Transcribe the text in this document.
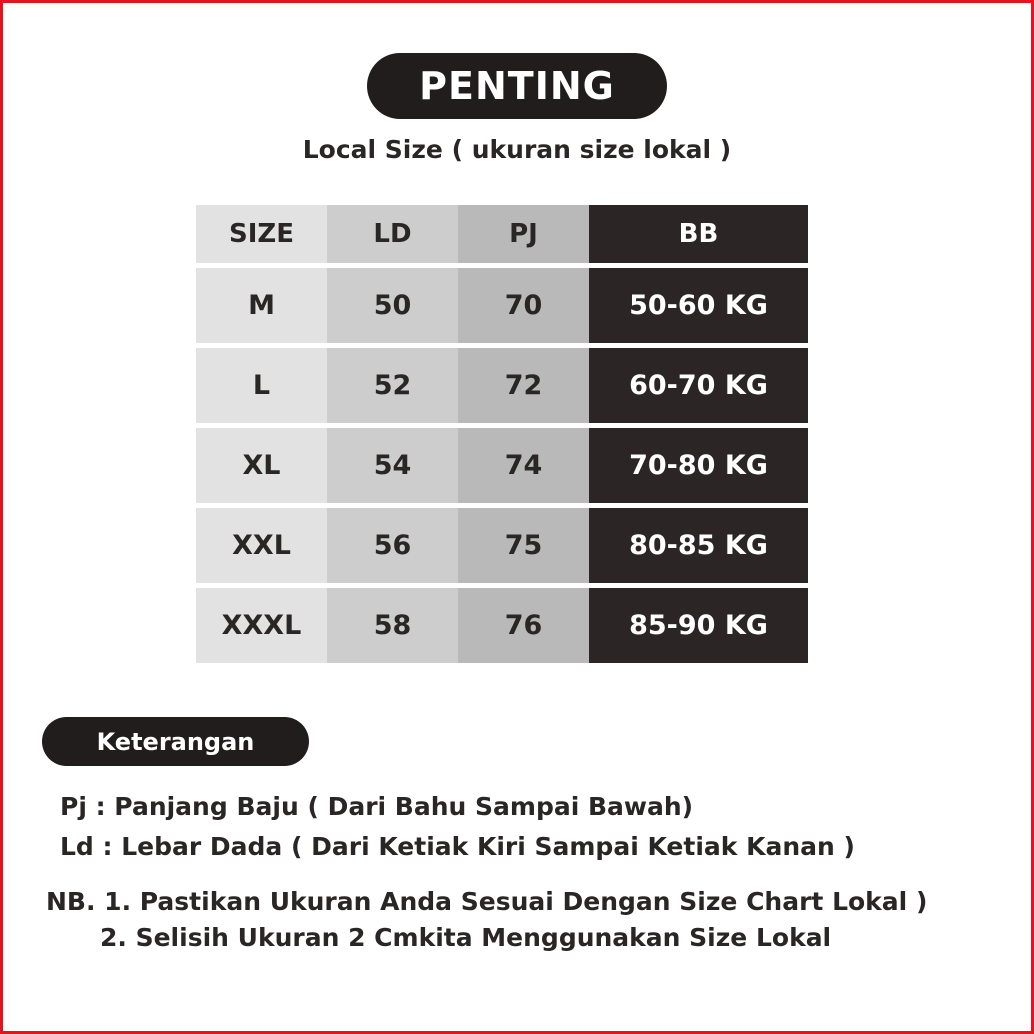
PENTING
Local Size ( ukuran size lokal )
SIZE	LD	PJ	BB
M	50	70	50-60 KG
L	52	72	60-70 KG
XL	54	74	70-80 KG
XXL	56	75	80-85 KG
XXXL	58	76	85-90 KG
Keterangan
Pj : Panjang Baju ( Dari Bahu Sampai Bawah)
Ld : Lebar Dada ( Dari Ketiak Kiri Sampai Ketiak Kanan )
NB. 1. Pastikan Ukuran Anda Sesuai Dengan Size Chart Lokal )
2. Selisih Ukuran 2 Cmkita Menggunakan Size Lokal
